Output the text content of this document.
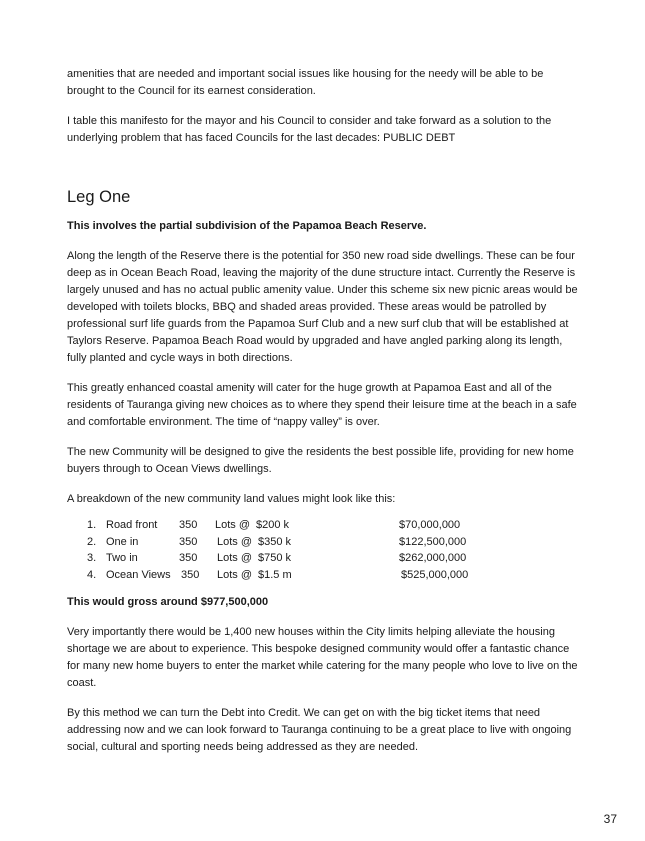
amenities that are needed and important social issues like housing for the needy will be able to be brought to the Council for its earnest consideration.

I table this manifesto for the mayor and his Council to consider and take forward as a solution to the underlying problem that has faced Councils for the last decades: PUBLIC DEBT

Leg One

This involves the partial subdivision of the Papamoa Beach Reserve.

Along the length of the Reserve there is the potential for 350 new road side dwellings. These can be four deep as in Ocean Beach Road, leaving the majority of the dune structure intact. Currently the Reserve is largely unused and has no actual public amenity value. Under this scheme six new picnic areas would be developed with toilets blocks, BBQ and shaded areas provided. These areas would be patrolled by professional surf life guards from the Papamoa Surf Club and a new surf club that will be established at Taylors Reserve. Papamoa Beach Road would by upgraded and have angled parking along its length, fully planted and cycle ways in both directions.

This greatly enhanced coastal amenity will cater for the huge growth at Papamoa East and all of the residents of Tauranga giving new choices as to where they spend their leisure time at the beach in a safe and comfortable environment. The time of “nappy valley” is over.

The new Community will be designed to give the residents the best possible life, providing for new home buyers through to Ocean Views dwellings.

A breakdown of the new community land values might look like this:

1. Road front 350 Lots @ $200 k	$70,000,000
2. One in	350 Lots @ $350 k	$122,500,000
3. Two in	350 Lots @ $750 k	$262,000,000
4. Ocean Views 350 Lots @ $1.5 m	$525,000,000

This would gross around $977,500,000

Very importantly there would be 1,400 new houses within the City limits helping alleviate the housing shortage we are about to experience. This bespoke designed community would offer a fantastic chance for many new home buyers to enter the market while catering for the many people who love to live on the coast.

By this method we can turn the Debt into Credit. We can get on with the big ticket items that need addressing now and we can look forward to Tauranga continuing to be a great place to live with ongoing social, cultural and sporting needs being addressed as they are needed.

37
